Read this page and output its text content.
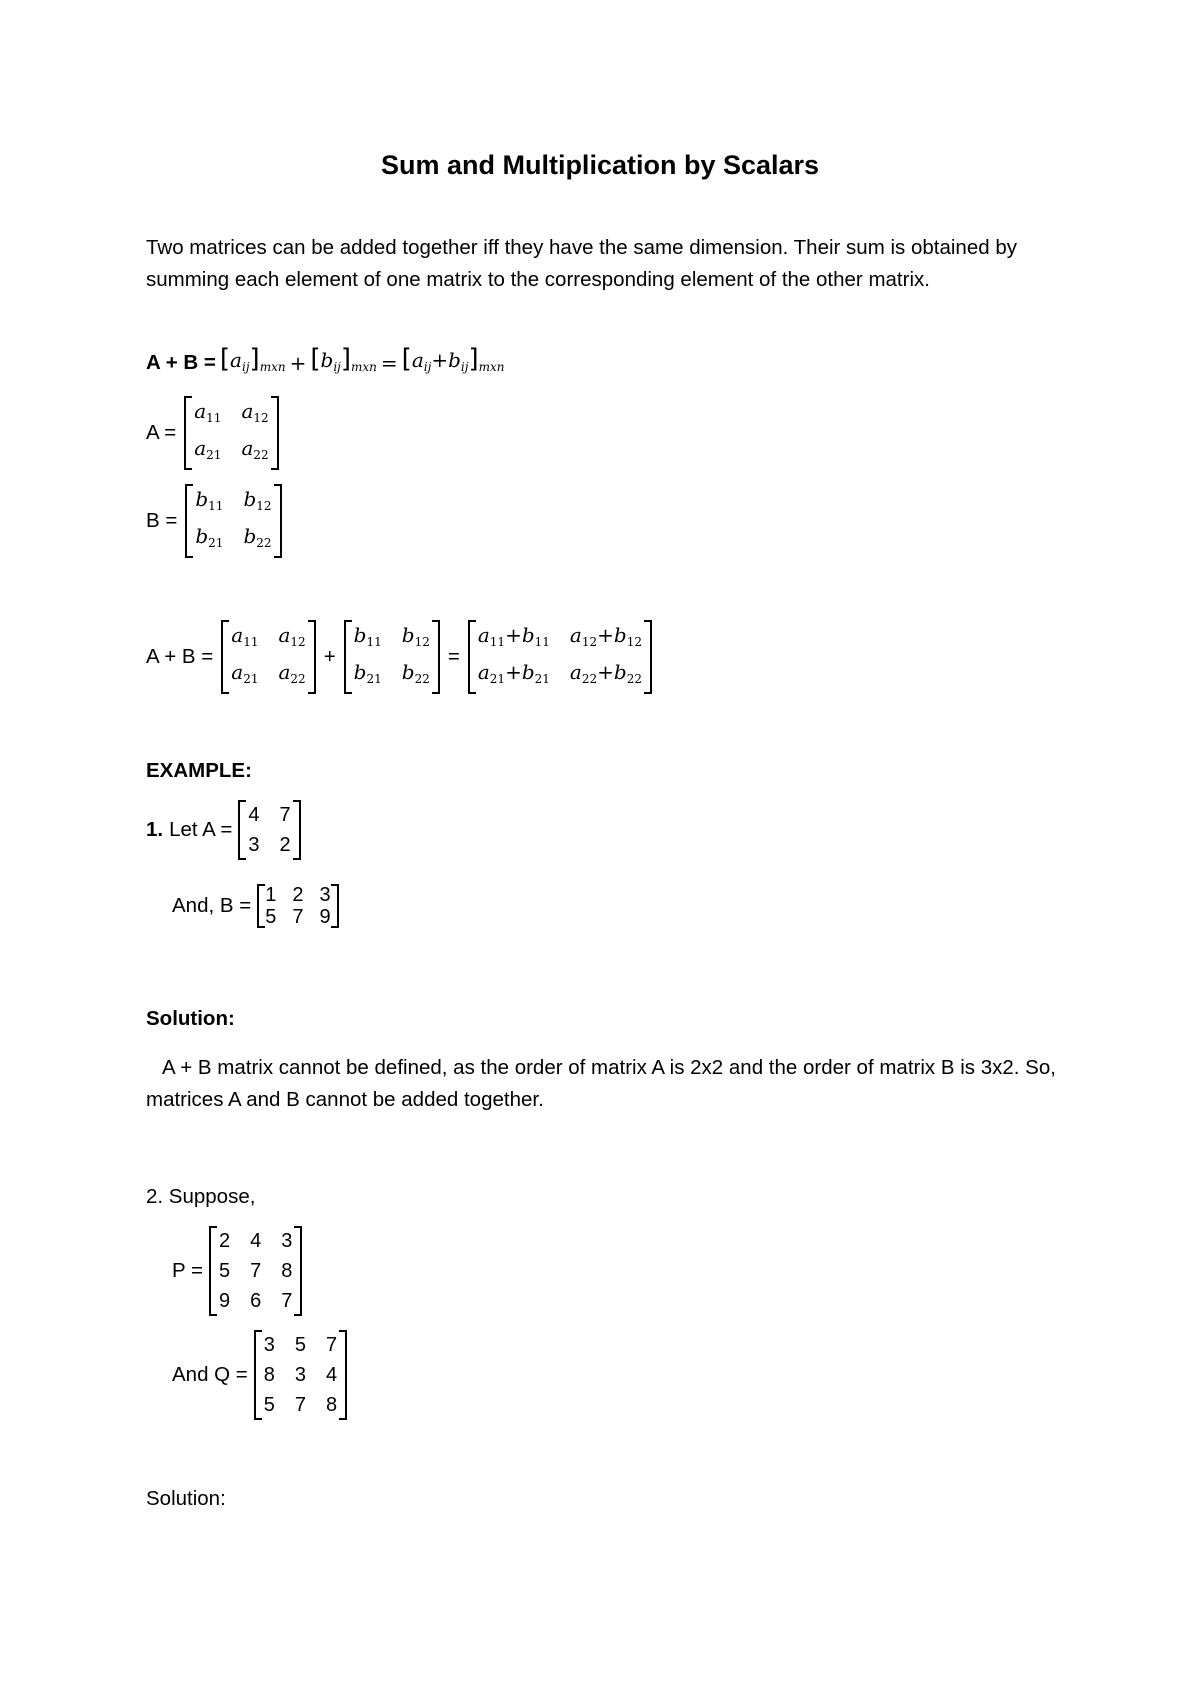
Sum and Multiplication by Scalars
Two matrices can be added together iff they have the same dimension. Their sum is obtained by summing each element of one matrix to the corresponding element of the other matrix.
$A + B = [a_{ij}]_{mxn} + [b_{ij}]_{mxn} = [a_{ij}+b_{ij}]_{mxn}$
A =
$a_{11}$	$a_{12}$
$a_{21}$	$a_{22}$
B =
$b_{11}$	$b_{12}$
$b_{21}$	$b_{22}$
A + B =
$a_{11}$	$a_{12}$
$a_{21}$	$a_{22}$
+
$b_{11}$	$b_{12}$
$b_{21}$	$b_{22}$
=
$a_{11}+b_{11}$	$a_{12}+b_{12}$
$a_{21}+b_{21}$	$a_{22}+b_{22}$
EXAMPLE:
1. Let A =
4	7
3	2
And, B = 1	2	3
5	7	9
Solution:
A + B matrix cannot be defined, as the order of matrix A is 2x2 and the order of matrix B is 3x2. So, matrices A and B cannot be added together.
2. Suppose,
P =
2	4	3
5	7	8
9	6	7
And Q =
3	5	7
8	3	4
5	7	8
Solution:
